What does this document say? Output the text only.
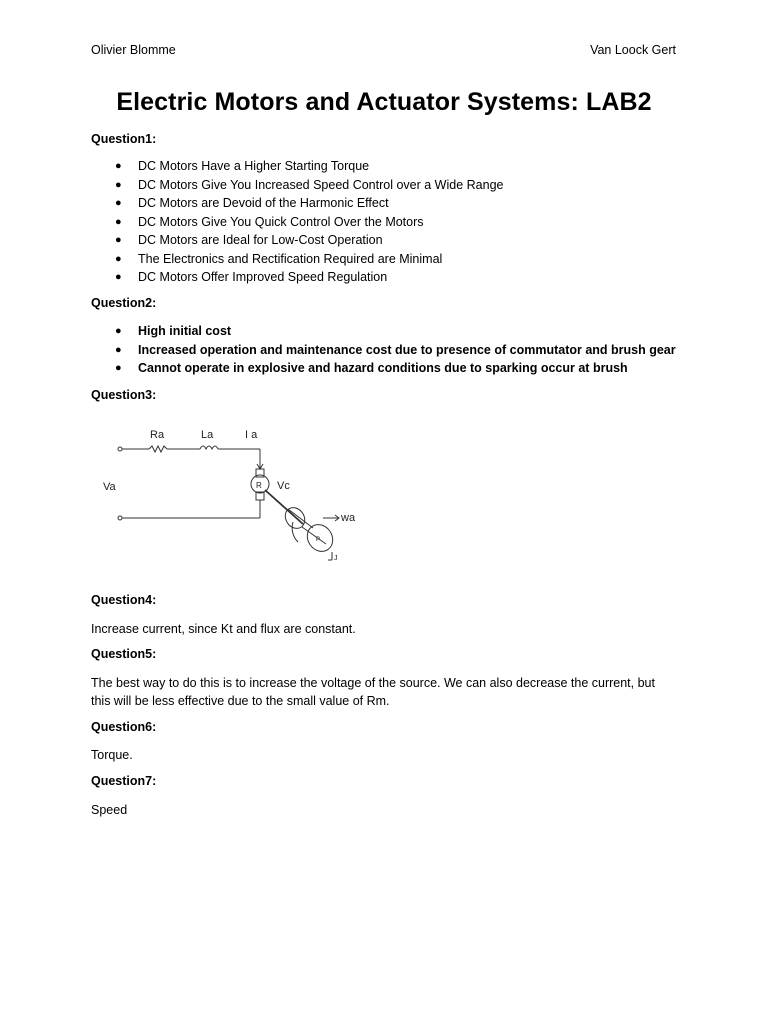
Olivier Blomme	Van Loock Gert
Electric Motors and Actuator Systems: LAB2
Question1:
● DC Motors Have a Higher Starting Torque
● DC Motors Give You Increased Speed Control over a Wide Range
● DC Motors are Devoid of the Harmonic Effect
● DC Motors Give You Quick Control Over the Motors
● DC Motors are Ideal for Low-Cost Operation
● The Electronics and Rectification Required are Minimal
● DC Motors Offer Improved Speed Regulation
Question2:
● High initial cost
● Increased operation and maintenance cost due to presence of commutator and brush gear
● Cannot operate in explosive and hazard conditions due to sparking occur at brush
Question3:
Ra	La	I a
Va	Vc
R
P
wa
J
Question4:
Increase current, since Kt and flux are constant.
Question5:
The best way to do this is to increase the voltage of the source. We can also decrease the current, but this will be less effective due to the small value of Rm.
Question6:
Torque.
Question7:
Speed
